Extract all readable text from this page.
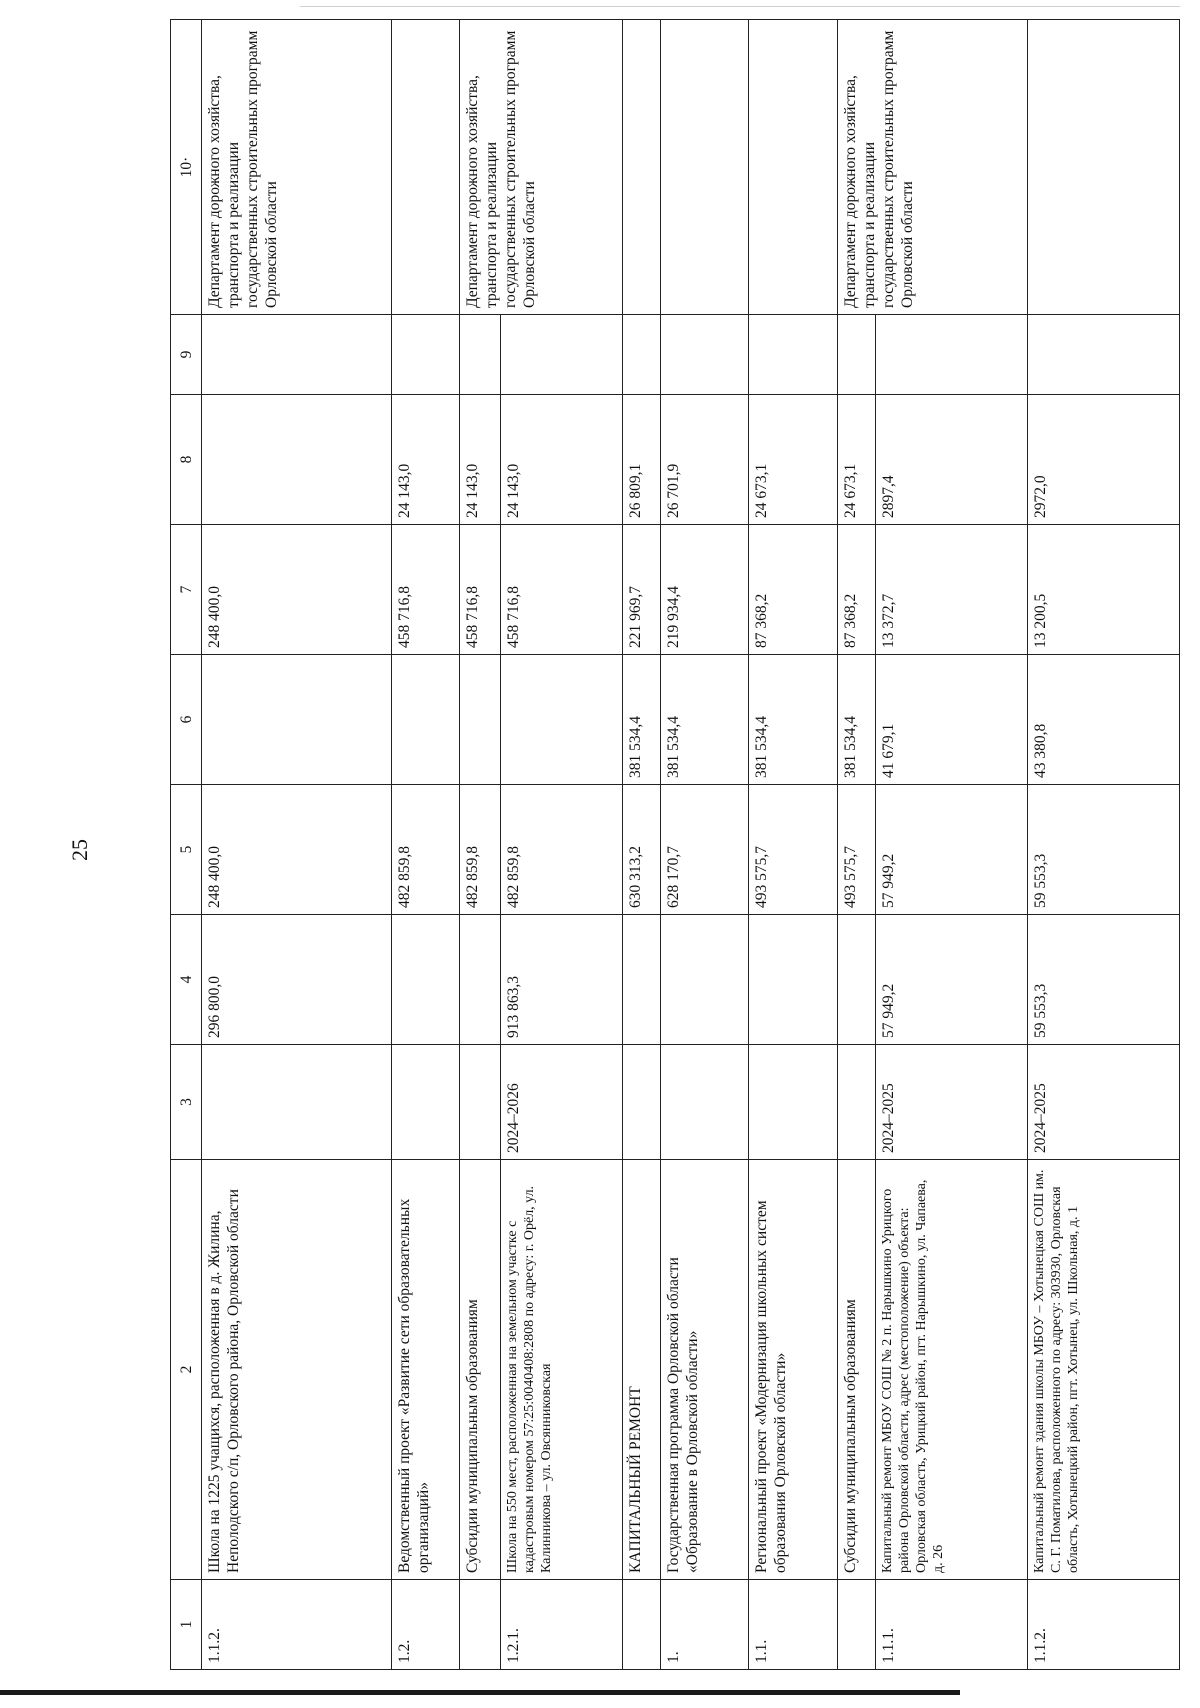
25
1	2	3	4	5	6	7	8	9	10·
1.1.2.	Школа на 1225 учащихся, расположенная в д. Жилина, Неполодского с/п, Орловского района, Орловской области		296 800,0	248 400,0		248 400,0			Департамент дорожного хозяйства, транспорта и реализации государственных строительных программ Орловской области
1.2.	Ведомственный проект «Развитие сети образовательных организаций»			482 859,8		458 716,8	24 143,0		
	Субсидии муниципальным образованиям			482 859,8		458 716,8	24 143,0		Департамент дорожного хозяйства, транспорта и реализации государственных строительных программ Орловской области
1.2.1.	Школа на 550 мест, расположенная на земельном участке с кадастровым номером 57:25:0040408:2808 по адресу: г. Орёл, ул. Калинникова – ул. Овсянниковская	2024–2026	913 863,3	482 859,8		458 716,8	24 143,0		
	КАПИТАЛЬНЫЙ РЕМОНТ			630 313,2	381 534,4	221 969,7	26 809,1		
1.	Государственная программа Орловской области «Образование в Орловской области»			628 170,7	381 534,4	219 934,4	26 701,9		
1.1.	Региональный проект «Модернизация школьных систем образования Орловской области»			493 575,7	381 534,4	87 368,2	24 673,1		
	Субсидии муниципальным образованиям			493 575,7	381 534,4	87 368,2	24 673,1		Департамент дорожного хозяйства, транспорта и реализации государственных строительных программ Орловской области
1.1.1.	Капитальный ремонт МБОУ СОШ № 2 п. Нарышкино Урицкого района Орловской области, адрес (местоположение) объекта: Орловская область, Урицкий район, пгт. Нарышкино, ул. Чапаева, д. 26	2024–2025	57 949,2	57 949,2	41 679,1	13 372,7	2897,4		
1.1.2.	Капитальный ремонт здания школы МБОУ – Хотынецкая СОШ им. С. Г. Поматилова, расположенного по адресу: 303930, Орловская область, Хотынецкий район, пгт. Хотынец, ул. Школьная, д. 1	2024–2025	59 553,3	59 553,3	43 380,8	13 200,5	2972,0		
